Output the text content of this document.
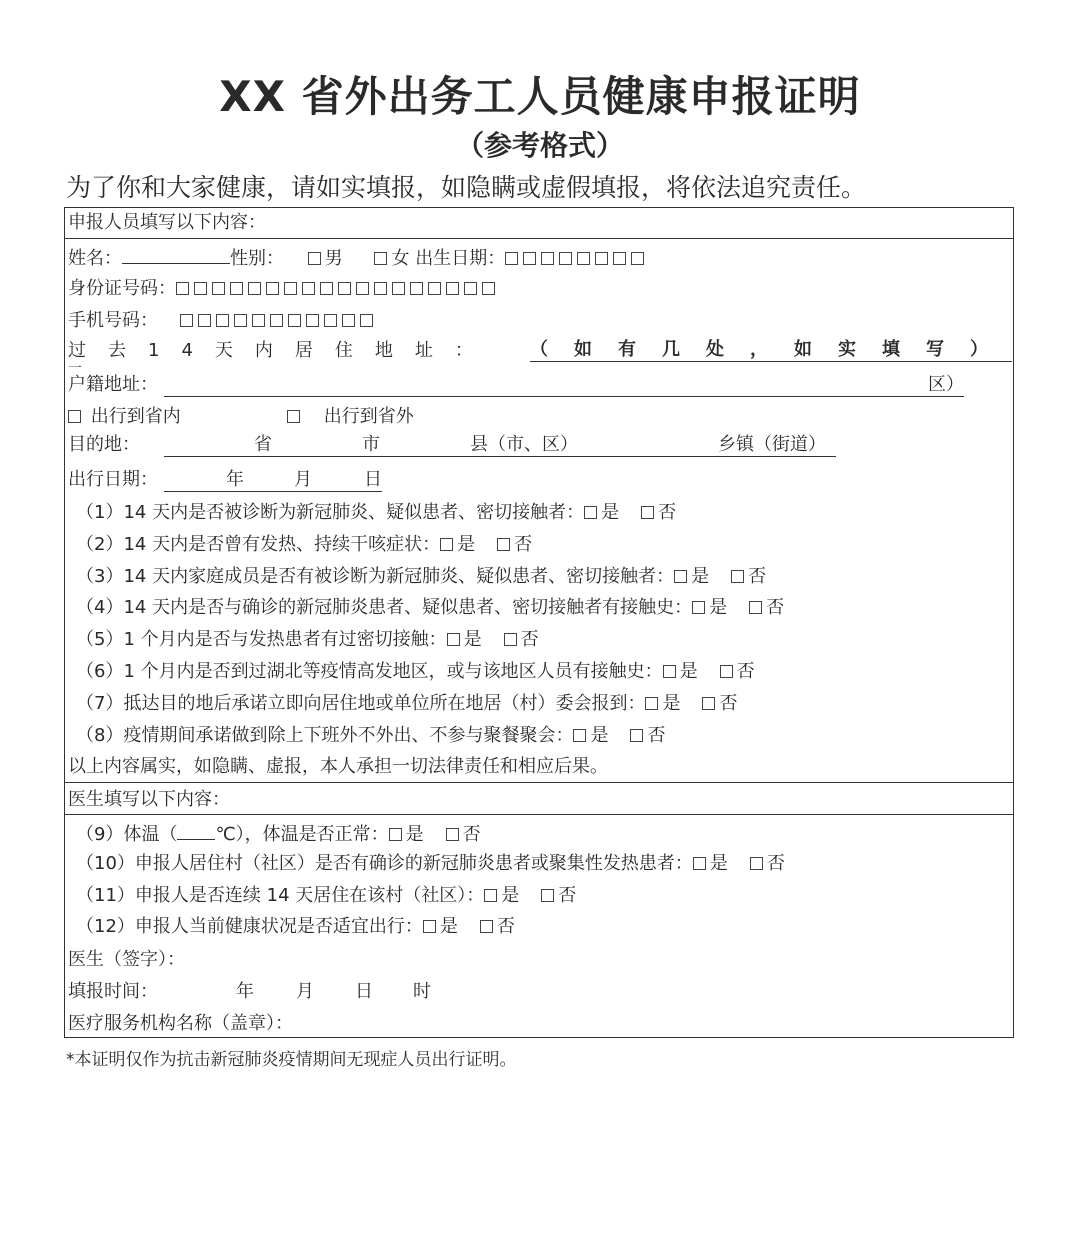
XX 省外出务工人员健康申报证明
（参考格式）
为了你和大家健康，请如实填报，如隐瞒或虚假填报，将依法追究责任。
申报人员填写以下内容：
姓名：	性别： 男	女 出生日期：
身份证号码：
手机号码：
过去14天内居住地址：	（如有几处，如实填写）
一
户籍地址：	区）
出行到省内	出行到省外
目的地：	省	市	县（市、区）	乡镇（街道）
出行日期：	年	月	日
（1）14 天内是否被诊断为新冠肺炎、疑似患者、密切接触者： 是 否
（2）14 天内是否曾有发热、持续干咳症状： 是 否
（3）14 天内家庭成员是否有被诊断为新冠肺炎、疑似患者、密切接触者： 是 否
（4）14 天内是否与确诊的新冠肺炎患者、疑似患者、密切接触者有接触史： 是 否
（5）1 个月内是否与发热患者有过密切接触： 是 否
（6）1 个月内是否到过湖北等疫情高发地区，或与该地区人员有接触史： 是 否
（7）抵达目的地后承诺立即向居住地或单位所在地居（村）委会报到： 是 否
（8）疫情期间承诺做到除上下班外不外出、不参与聚餐聚会： 是 否
以上内容属实，如隐瞒、虚报，本人承担一切法律责任和相应后果。
医生填写以下内容：
（9）体温（ ℃），体温是否正常： 是 否
（10）申报人居住村（社区）是否有确诊的新冠肺炎患者或聚集性发热患者： 是 否
（11）申报人是否连续 14 天居住在该村（社区）： 是 否
（12）申报人当前健康状况是否适宜出行： 是 否
医生（签字）：
填报时间：	年 月 日 时
医疗服务机构名称（盖章）：
*本证明仅作为抗击新冠肺炎疫情期间无现症人员出行证明。
